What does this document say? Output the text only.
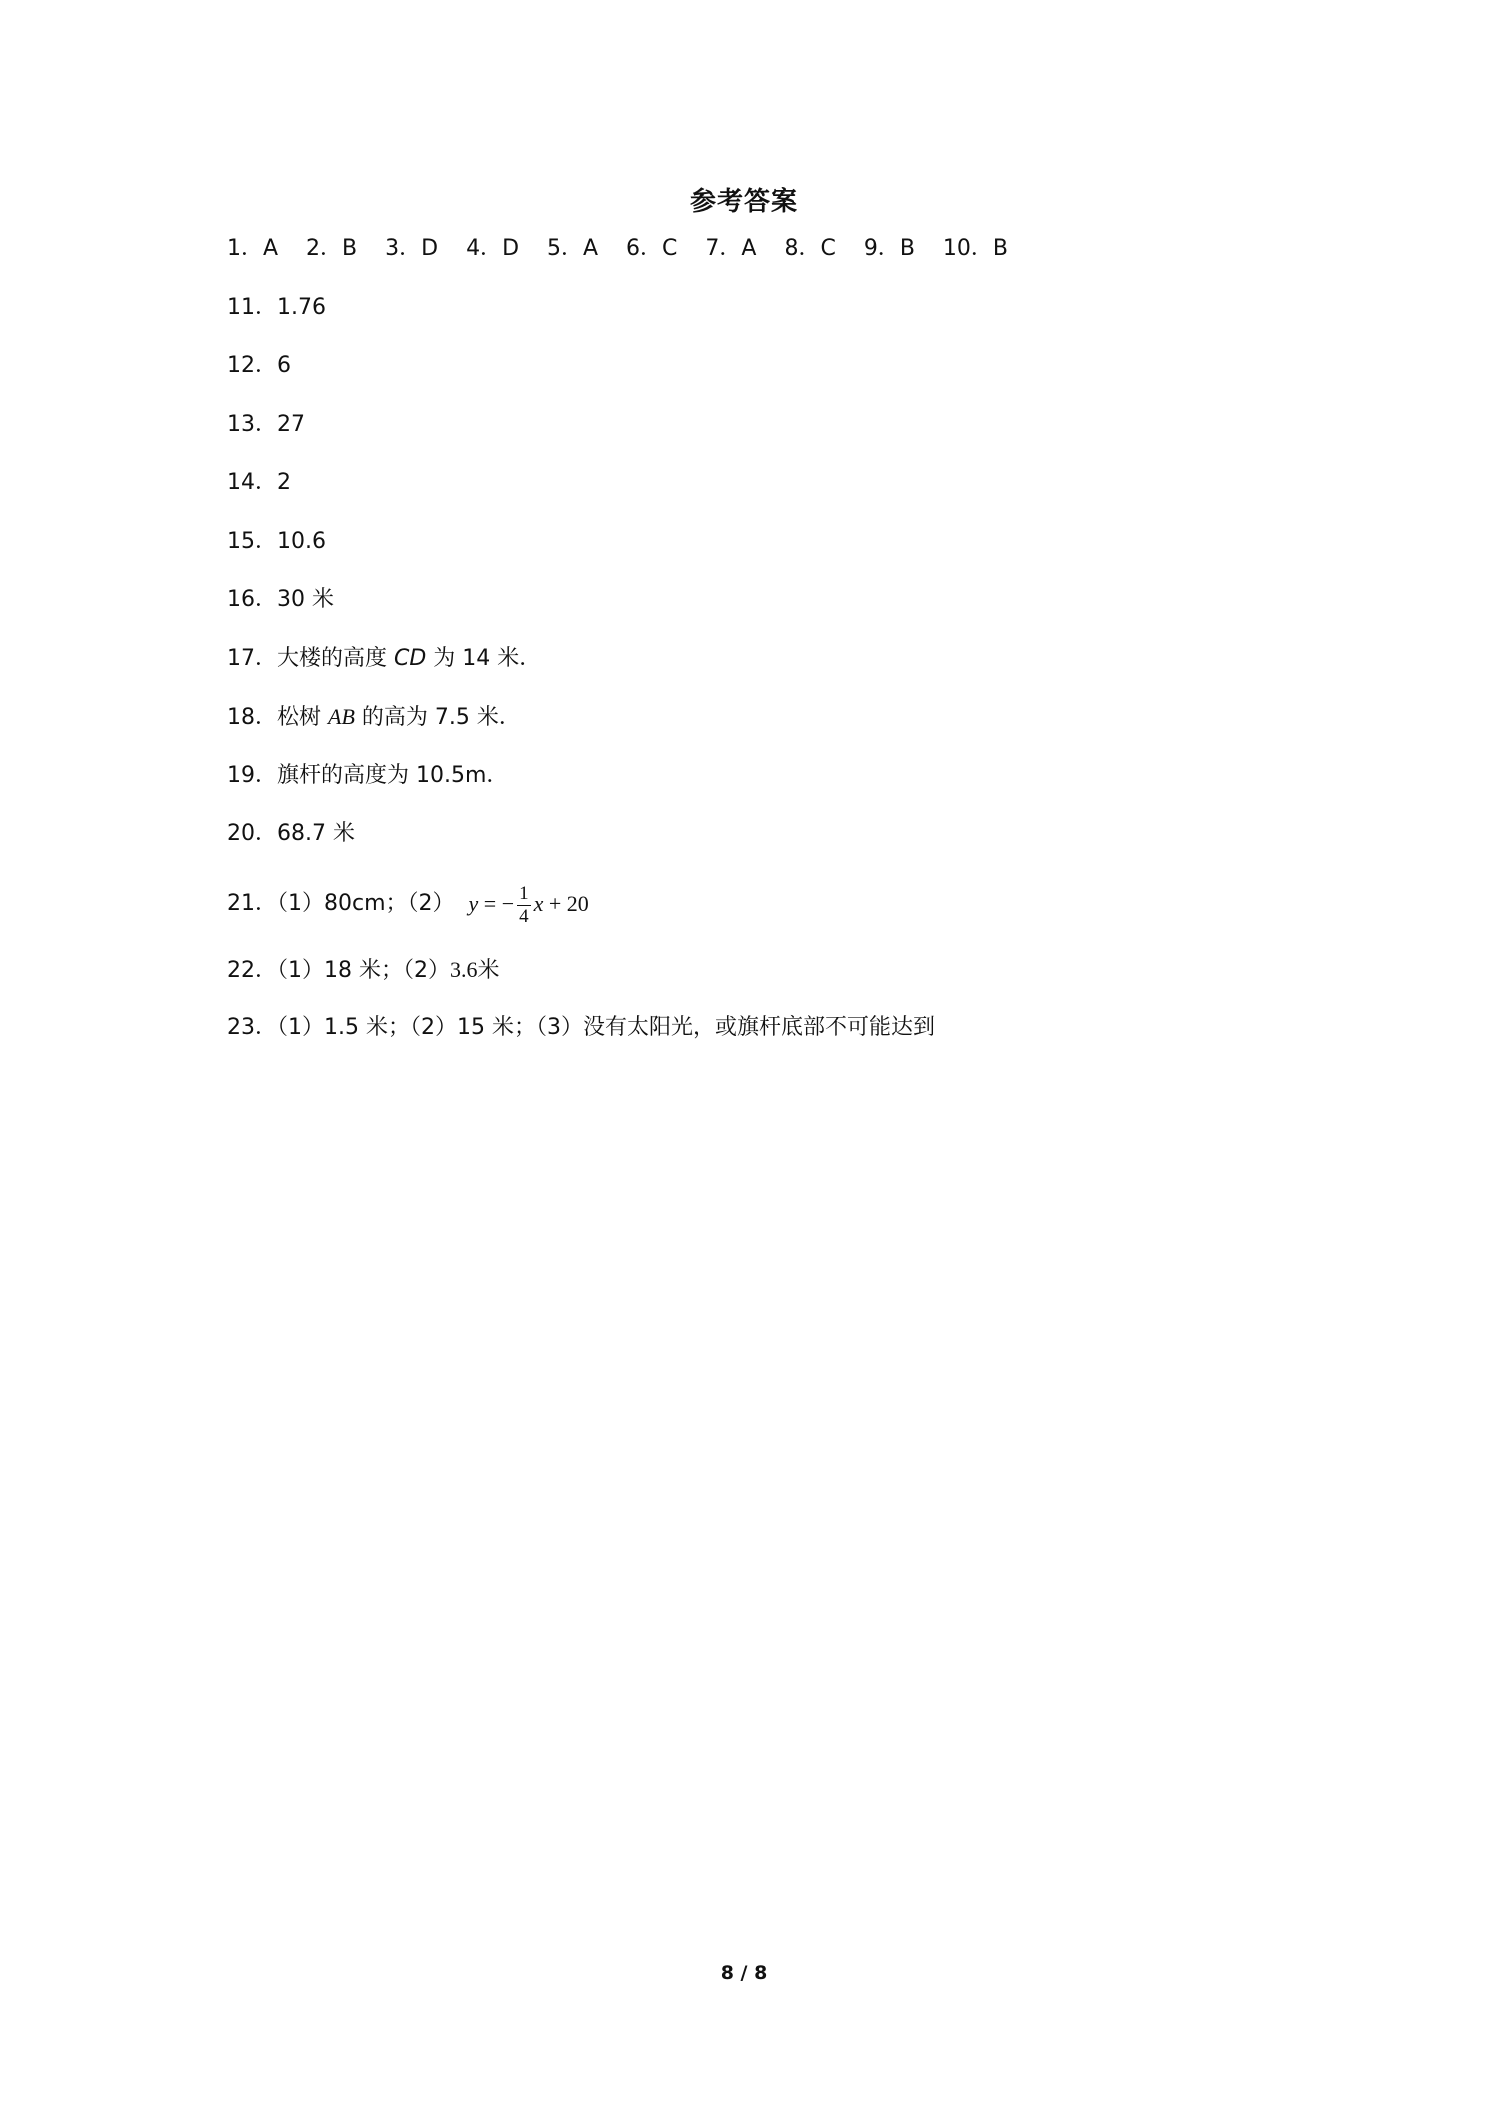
参考答案
1．A 2．B 3．D 4．D 5．A 6．C 7．A 8．C 9．B 10．B
11．1.76
12．6
13．27
14．2
15．10.6
16．30 米
17．大楼的高度 CD 为 14 米．
18．松树 AB 的高为 7.5 米．
19．旗杆的高度为 10.5m．
20．68.7 米
21．（1）80cm；（2） y = − $\frac{1}{4}$ x + 20
22．（1）18 米；（2）3.6米
23．（1）1.5 米；（2）15 米；（3）没有太阳光，或旗杆底部不可能达到
8 / 8
